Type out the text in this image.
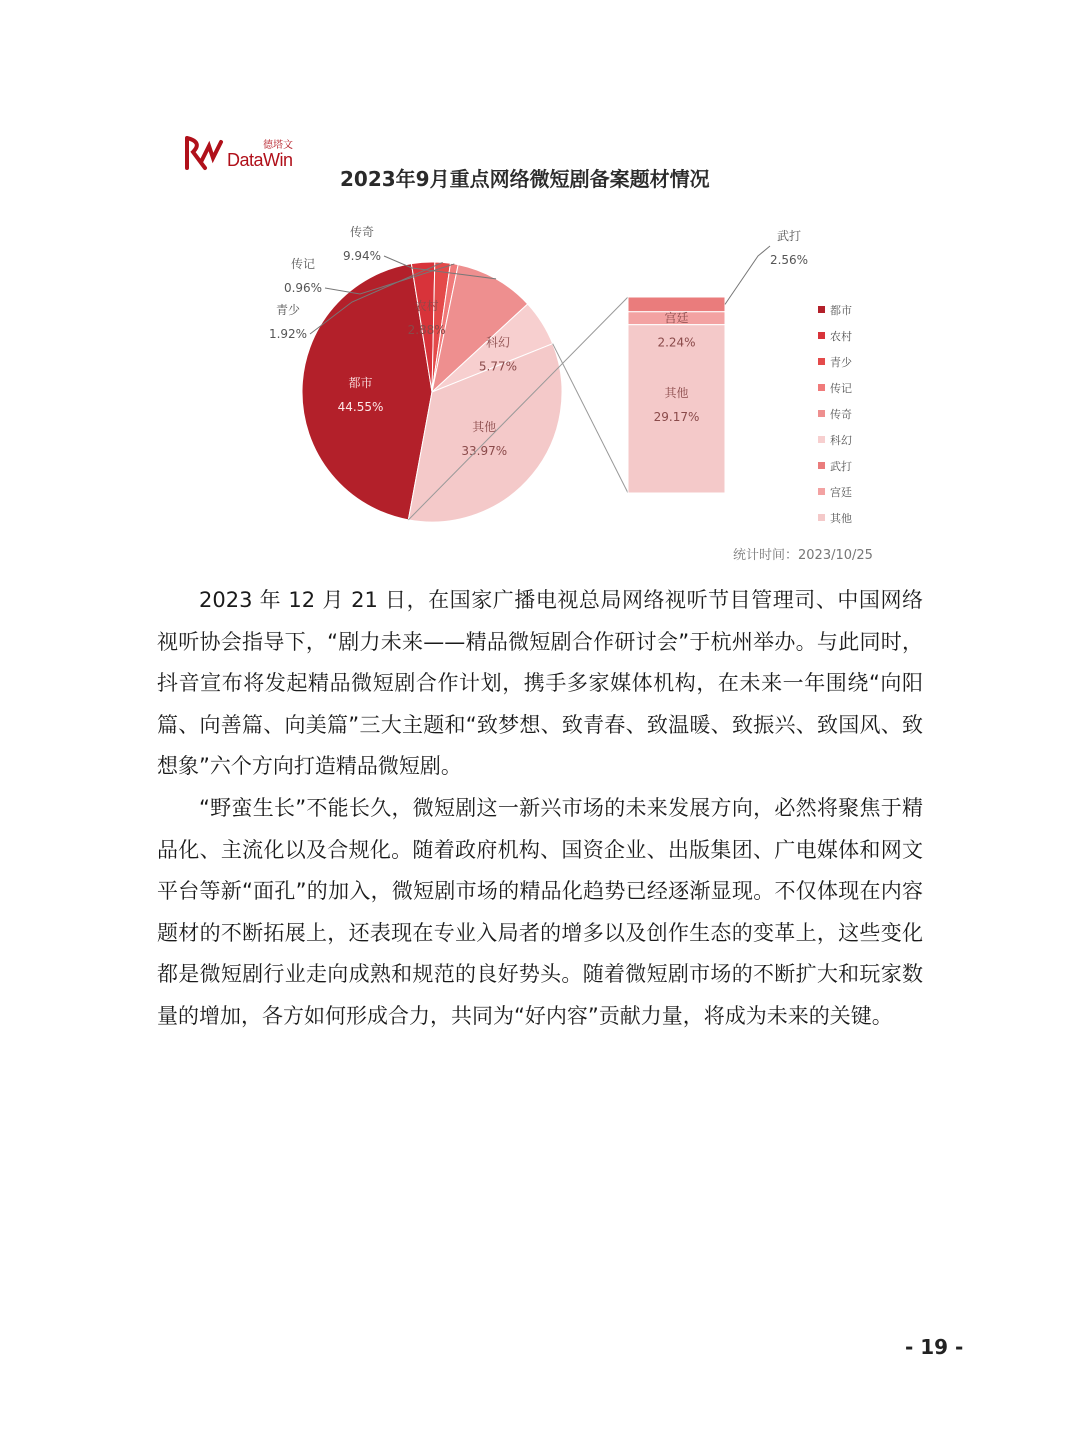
德塔文
DataWin
2023年9月重点网络微短剧备案题材情况
都市
44.55%
农村
2.88%
科幻
5.77%
其他
33.97%
传奇
9.94%
传记
0.96%
青少
1.92%
宫廷
2.24%
其他
29.17%
武打
2.56%
都市
农村
青少
传记
传奇
科幻
武打
宫廷
其他
统计时间：2023/10/25

2023 年 12 月 21 日，在国家广播电视总局网络视听节目管理司、中国网络视听协会指导下，“剧力未来——精品微短剧合作研讨会”于杭州举办。与此同时，抖音宣布将发起精品微短剧合作计划，携手多家媒体机构，在未来一年围绕“向阳篇、向善篇、向美篇”三大主题和“致梦想、致青春、致温暖、致振兴、致国风、致想象”六个方向打造精品微短剧。

“野蛮生长”不能长久，微短剧这一新兴市场的未来发展方向，必然将聚焦于精品化、主流化以及合规化。随着政府机构、国资企业、出版集团、广电媒体和网文平台等新“面孔”的加入，微短剧市场的精品化趋势已经逐渐显现。不仅体现在内容题材的不断拓展上，还表现在专业入局者的增多以及创作生态的变革上，这些变化都是微短剧行业走向成熟和规范的良好势头。随着微短剧市场的不断扩大和玩家数量的增加，各方如何形成合力，共同为“好内容”贡献力量，将成为未来的关键。

- 19 -
